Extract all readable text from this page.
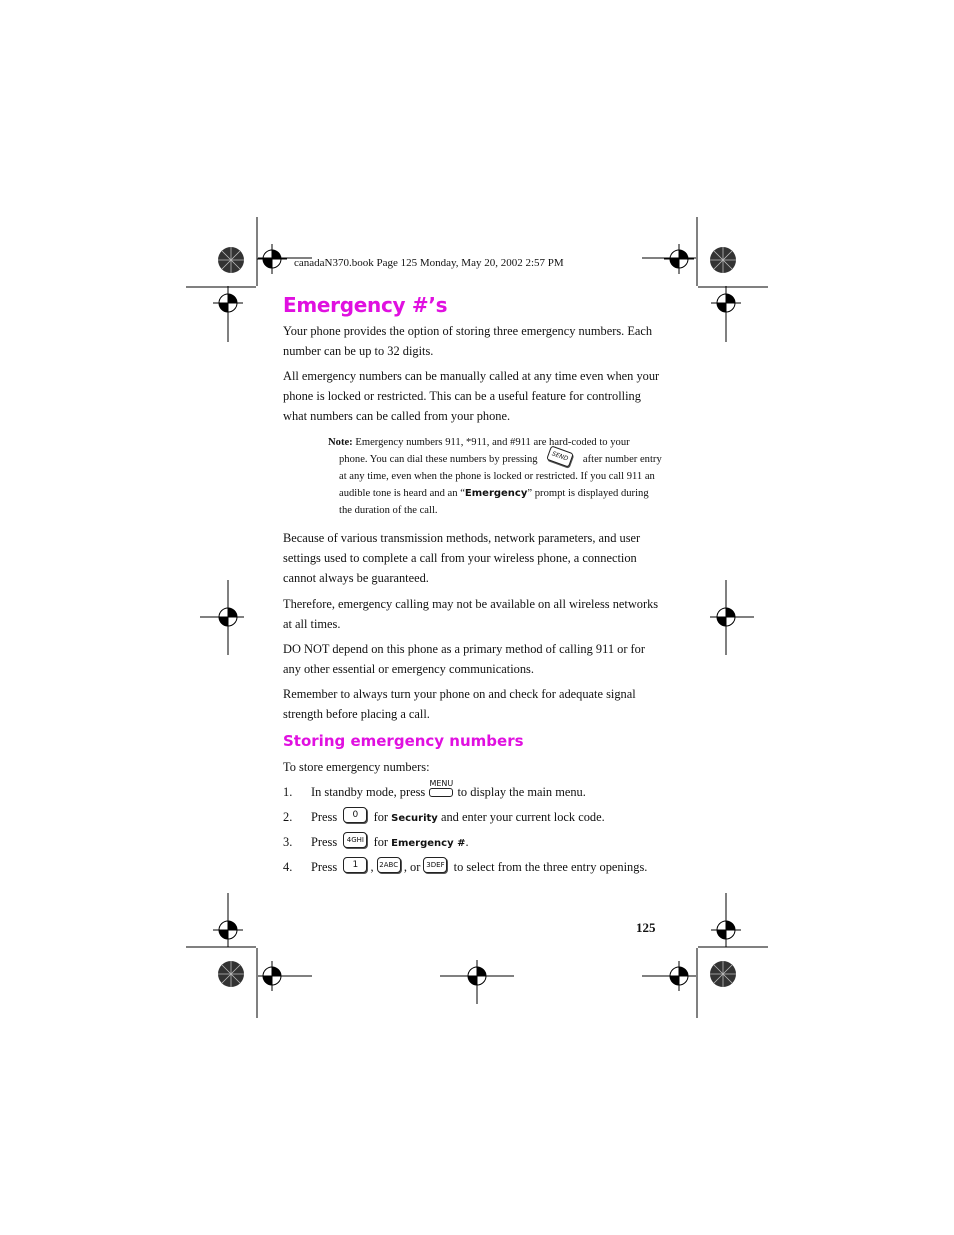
canadaN370.book Page 125 Monday, May 20, 2002 2:57 PM
Emergency #’s
Your phone provides the option of storing three emergency numbers. Each number can be up to 32 digits.
All emergency numbers can be manually called at any time even when your phone is locked or restricted. This can be a useful feature for controlling what numbers can be called from your phone.
Note: Emergency numbers 911, *911, and #911 are hard-coded to your
phone. You can dial these numbers by pressing SEND after number entry
at any time, even when the phone is locked or restricted. If you call 911 an
audible tone is heard and an “Emergency” prompt is displayed during
the duration of the call.
Because of various transmission methods, network parameters, and user settings used to complete a call from your wireless phone, a connection cannot always be guaranteed.
Therefore, emergency calling may not be available on all wireless networks at all times.
DO NOT depend on this phone as a primary method of calling 911 or for any other essential or emergency communications.
Remember to always turn your phone on and check for adequate signal strength before placing a call.
Storing emergency numbers
To store emergency numbers:
1. In standby mode, press
MENU
to display the main menu.
2. Press 0 for Security and enter your current lock code.
3. Press 4GHI for Emergency #.
4. Press 1 , 2ABC , or 3DEF to select from the three entry openings.
125
